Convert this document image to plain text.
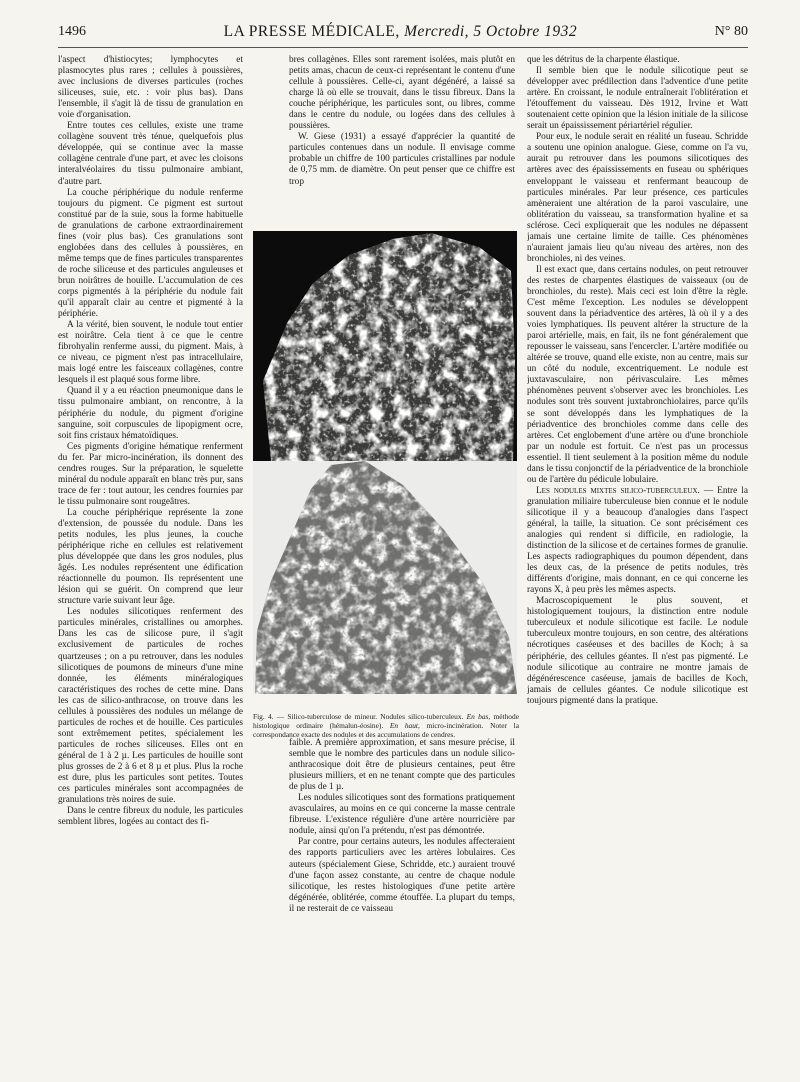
1496	LA PRESSE MÉDICALE, Mercredi, 5 Octobre 1932	N° 80

l'aspect d'histiocytes; lymphocytes et plasmocytes plus rares ; cellules à poussières, avec inclusions de diverses particules (roches siliceuses, suie, etc. : voir plus bas). Dans l'ensemble, il s'agit là de tissu de granulation en voie d'organisation.

Entre toutes ces cellules, existe une trame collagène souvent très ténue, quelquefois plus développée, qui se continue avec la masse collagène centrale d'une part, et avec les cloisons interalvéolaires du tissu pulmonaire ambiant, d'autre part.

La couche périphérique du nodule renferme toujours du pigment. Ce pigment est surtout constitué par de la suie, sous la forme habituelle de granulations de carbone extraordinairement fines (voir plus bas). Ces granulations sont englobées dans des cellules à poussières, en même temps que de fines particules transparentes de roche siliceuse et des particules anguleuses et brun noirâtres de houille. L'accumulation de ces corps pigmentés à la périphérie du nodule fait qu'il apparaît clair au centre et pigmenté à la périphérie.

A la vérité, bien souvent, le nodule tout entier est noirâtre. Cela tient à ce que le centre fibrohyalin renferme aussi, du pigment. Mais, à ce niveau, ce pigment n'est pas intracellulaire, mais logé entre les faisceaux collagènes, contre lesquels il est plaqué sous forme libre.

Quand il y a eu réaction pneumonique dans le tissu pulmonaire ambiant, on rencontre, à la périphérie du nodule, du pigment d'origine sanguine, soit corpuscules de lipopigment ocre, soit fins cristaux hématoïdiques.

Ces pigments d'origine hématique renferment du fer. Par micro-incinération, ils donnent des cendres rouges. Sur la préparation, le squelette minéral du nodule apparaît en blanc très pur, sans trace de fer : tout autour, les cendres fournies par le tissu pulmonaire sont rougeâtres.

La couche périphérique représente la zone d'extension, de poussée du nodule. Dans les petits nodules, les plus jeunes, la couche périphérique riche en cellules est relativement plus développée que dans les gros nodules, plus âgés. Les nodules représentent une édification réactionnelle du poumon. Ils représentent une lésion qui se guérit. On comprend que leur structure varie suivant leur âge.

Les nodules silicotiques renferment des particules minérales, cristallines ou amorphes. Dans les cas de silicose pure, il s'agit exclusivement de particules de roches quartzeuses ; on a pu retrouver, dans les nodules silicotiques de poumons de mineurs d'une mine donnée, les éléments minéralogiques caractéristiques des roches de cette mine. Dans les cas de silico-anthracose, on trouve dans les cellules à poussières des nodules un mélange de particules de roches et de houille. Ces particules sont extrêmement petites, spécialement les particules de roches siliceuses. Elles ont en général de 1 à 2 µ. Les particules de houille sont plus grosses de 2 à 6 et 8 µ et plus. Plus la roche est dure, plus les particules sont petites. Toutes ces particules minérales sont accompagnées de granulations très noires de suie.

Dans le centre fibreux du nodule, les particules semblent libres, logées au contact des fi-

bres collagènes. Elles sont rarement isolées, mais plutôt en petits amas, chacun de ceux-ci représentant le contenu d'une cellule à poussières. Celle-ci, ayant dégénéré, a laissé sa charge là où elle se trouvait, dans le tissu fibreux. Dans la couche périphérique, les particules sont, ou libres, comme dans le centre du nodule, ou logées dans des cellules à poussières.

W. Giese (1931) a essayé d'apprécier la quantité de particules contenues dans un nodule. Il envisage comme probable un chiffre de 100 particules cristallines par nodule de 0,75 mm. de diamètre. On peut penser que ce chiffre est trop

Fig. 4. — Silico-tuberculose de mineur. Nodules silico-tuberculeux. En bas, méthode histologique ordinaire (hémalun-éosine). En haut, micro-incinération. Noter la correspondance exacte des nodules et des accumulations de cendres.

faible. A première approximation, et sans mesure précise, il semble que le nombre des particules dans un nodule silico-anthracosique doit être de plusieurs centaines, peut être plusieurs milliers, et en ne tenant compte que des particules de plus de 1 µ.

Les nodules silicotiques sont des formations pratiquement avasculaires, au moins en ce qui concerne la masse centrale fibreuse. L'existence régulière d'une artère nourricière par nodule, ainsi qu'on l'a prétendu, n'est pas démontrée.

Par contre, pour certains auteurs, les nodules affecteraient des rapports particuliers avec les artères lobulaires. Ces auteurs (spécialement Giese, Schridde, etc.) auraient trouvé d'une façon assez constante, au centre de chaque nodule silicotique, les restes histologiques d'une petite artère dégénérée, oblitérée, comme étouffée. La plupart du temps, il ne resterait de ce vaisseau

que les détritus de la charpente élastique.

Il semble bien que le nodule silicotique peut se développer avec prédilection dans l'adventice d'une petite artère. En croissant, le nodule entraînerait l'oblitération et l'étouffement du vaisseau. Dès 1912, Irvine et Watt soutenaient cette opinion que la lésion initiale de la silicose serait un épaississement périartériel régulier.

Pour eux, le nodule serait en réalité un fuseau. Schridde a soutenu une opinion analogue. Giese, comme on l'a vu, aurait pu retrouver dans les poumons silicotiques des artères avec des épaississements en fuseau ou sphériques enveloppant le vaisseau et renfermant beaucoup de particules minérales. Par leur présence, ces particules amèneraient une altération de la paroi vasculaire, une oblitération du vaisseau, sa transformation hyaline et sa sclérose. Ceci expliquerait que les nodules ne dépassent jamais une certaine limite de taille. Ces phénomènes n'auraient jamais lieu qu'au niveau des artères, non des bronchioles, ni des veines.

Il est exact que, dans certains nodules, on peut retrouver des restes de charpentes élastiques de vaisseaux (ou de bronchioles, du reste). Mais ceci est loin d'être la règle. C'est même l'exception. Les nodules se développent souvent dans la périadventice des artères, là où il y a des voies lymphatiques. Ils peuvent altérer la structure de la paroi artérielle, mais, en fait, ils ne font généralement que repousser le vaisseau, sans l'encercler. L'artère modifiée ou altérée se trouve, quand elle existe, non au centre, mais sur un côté du nodule, excentriquement. Le nodule est juxtavasculaire, non périvasculaire. Les mêmes phénomènes peuvent s'observer avec les bronchioles. Les nodules sont très souvent juxtabronchiolaires, parce qu'ils se sont développés dans les lymphatiques de la périadventice des bronchioles comme dans celle des artères. Cet englobement d'une artère ou d'une bronchiole par un nodule est fortuit. Ce n'est pas un processus essentiel. Il tient seulement à la position même du nodule dans le tissu conjonctif de la périadventice de la bronchiole ou de l'artère du pédicule lobulaire.

Les nodules mixtes silico-tuberculeux. — Entre la granulation miliaire tuberculeuse bien connue et le nodule silicotique il y a beaucoup d'analogies dans l'aspect général, la taille, la situation. Ce sont précisément ces analogies qui rendent si difficile, en radiologie, la distinction de la silicose et de certaines formes de granulie. Les aspects radiographiques du poumon dépendent, dans les deux cas, de la présence de petits nodules, très différents d'origine, mais donnant, en ce qui concerne les rayons X, à peu près les mêmes aspects.

Macroscopiquement le plus souvent, et histologiquement toujours, la distinction entre nodule tuberculeux et nodule silicotique est facile. Le nodule tuberculeux montre toujours, en son centre, des altérations nécrotiques caséeuses et des bacilles de Koch; à sa périphérie, des cellules géantes. Il n'est pas pigmenté. Le nodule silicotique au contraire ne montre jamais de dégénérescence caséeuse, jamais de bacilles de Koch, jamais de cellules géantes. Ce nodule silicotique est toujours pigmenté dans la pratique.
